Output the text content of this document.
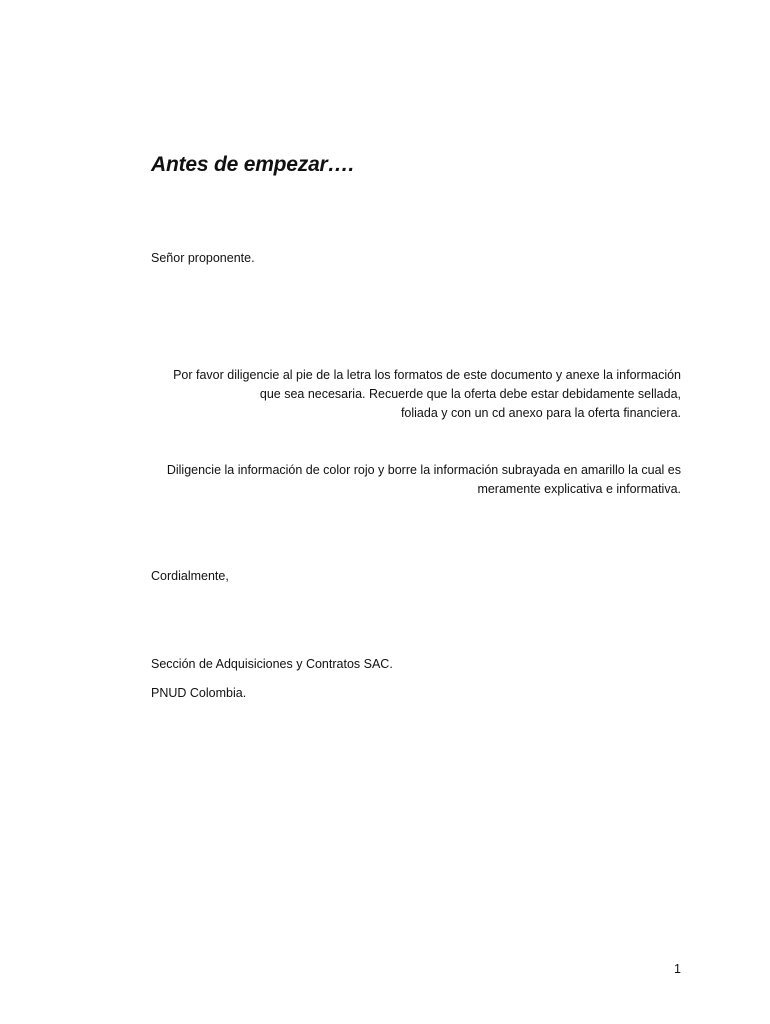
Antes de empezar….

Señor proponente.

Por favor diligencie al pie de la letra los formatos de este documento y anexe la información
que sea necesaria. Recuerde que la oferta debe estar debidamente sellada,
foliada y con un cd anexo para la oferta financiera.

Diligencie la información de color rojo y borre la información subrayada en amarillo la cual es
meramente explicativa e informativa.

Cordialmente,

Sección de Adquisiciones y Contratos SAC.

PNUD Colombia.

1
